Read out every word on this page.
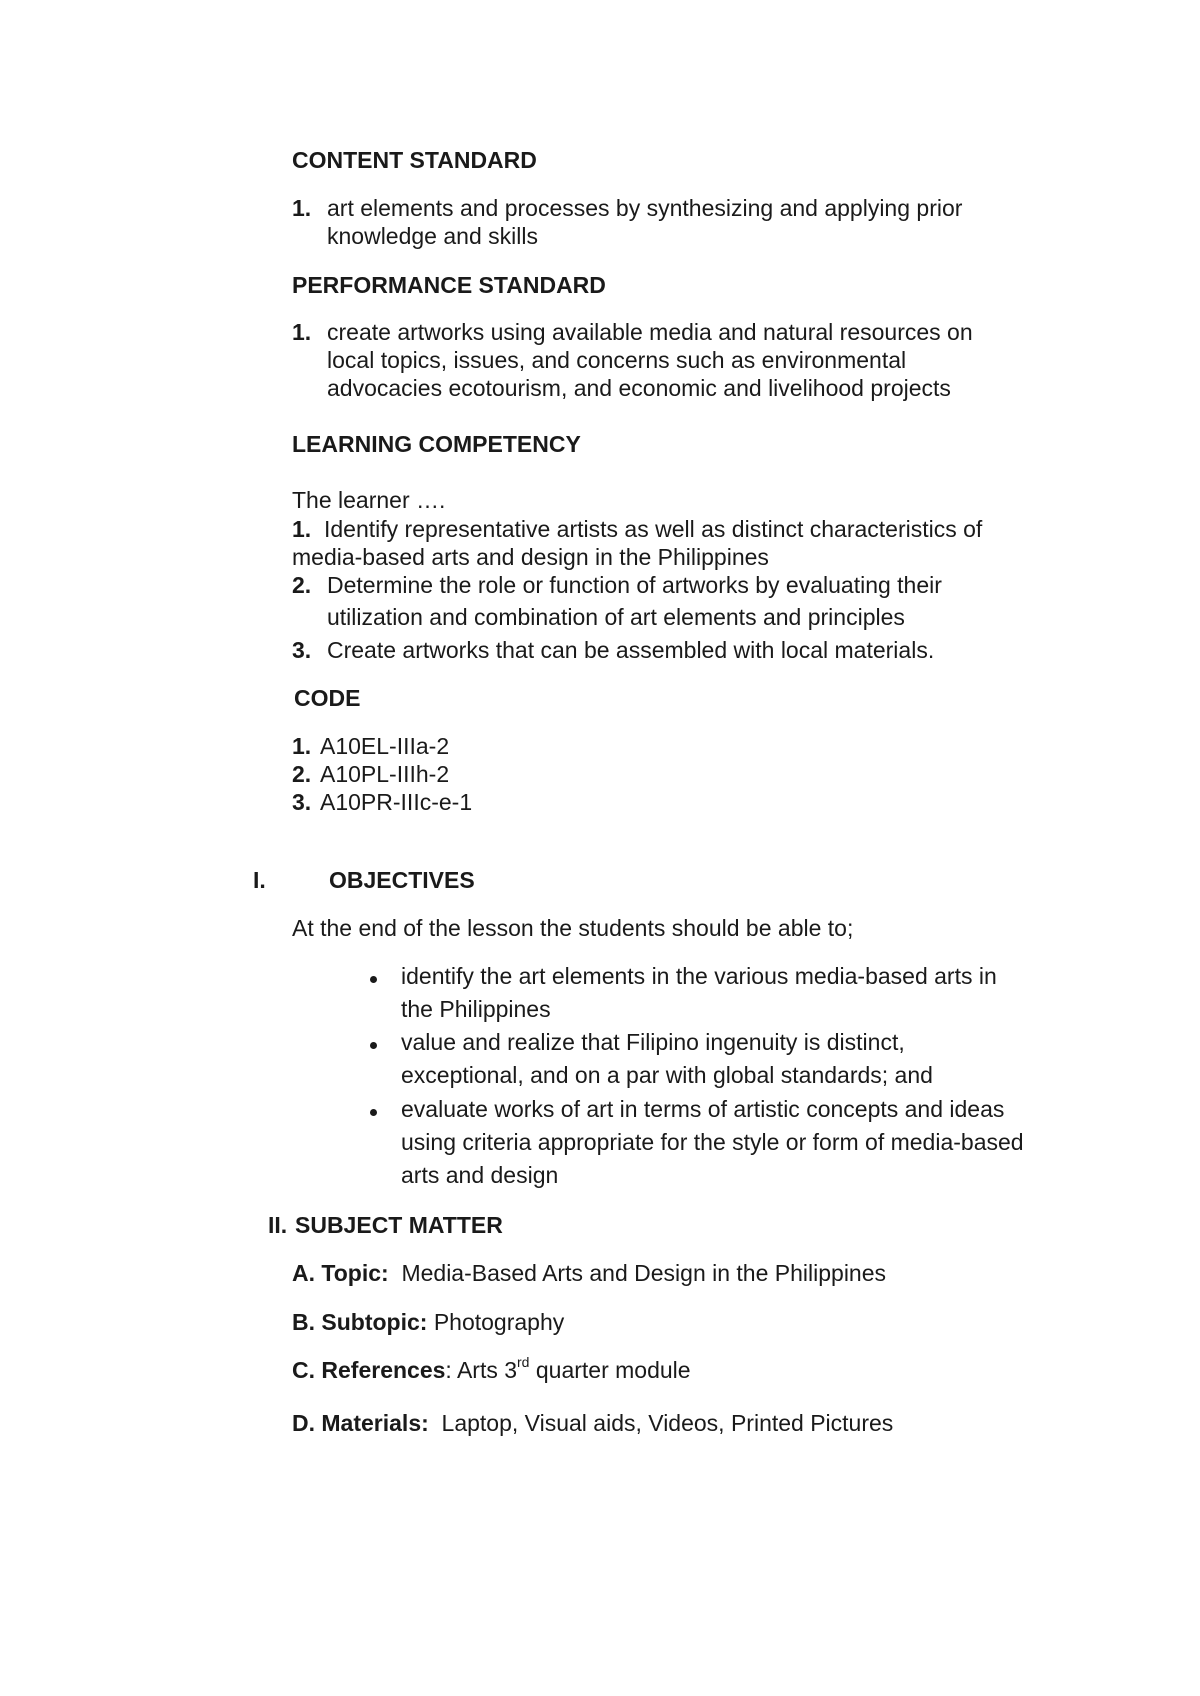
CONTENT STANDARD
1. art elements and processes by synthesizing and applying prior
knowledge and skills
PERFORMANCE STANDARD
1. create artworks using available media and natural resources on
local topics, issues, and concerns such as environmental
advocacies ecotourism, and economic and livelihood projects
LEARNING COMPETENCY
The learner ….
1. Identify representative artists as well as distinct characteristics of
media-based arts and design in the Philippines
2. Determine the role or function of artworks by evaluating their
utilization and combination of art elements and principles
3. Create artworks that can be assembled with local materials.
CODE
1. A10EL-IIIa-2
2. A10PL-IIIh-2
3. A10PR-IIIc-e-1
I.	OBJECTIVES
At the end of the lesson the students should be able to;
identify the art elements in the various media-based arts in
the Philippines
value and realize that Filipino ingenuity is distinct,
exceptional, and on a par with global standards; and
evaluate works of art in terms of artistic concepts and ideas
using criteria appropriate for the style or form of media-based
arts and design
II. SUBJECT MATTER
A. Topic: Media-Based Arts and Design in the Philippines
B. Subtopic: Photography
C. References: Arts 3rd quarter module
D. Materials: Laptop, Visual aids, Videos, Printed Pictures
